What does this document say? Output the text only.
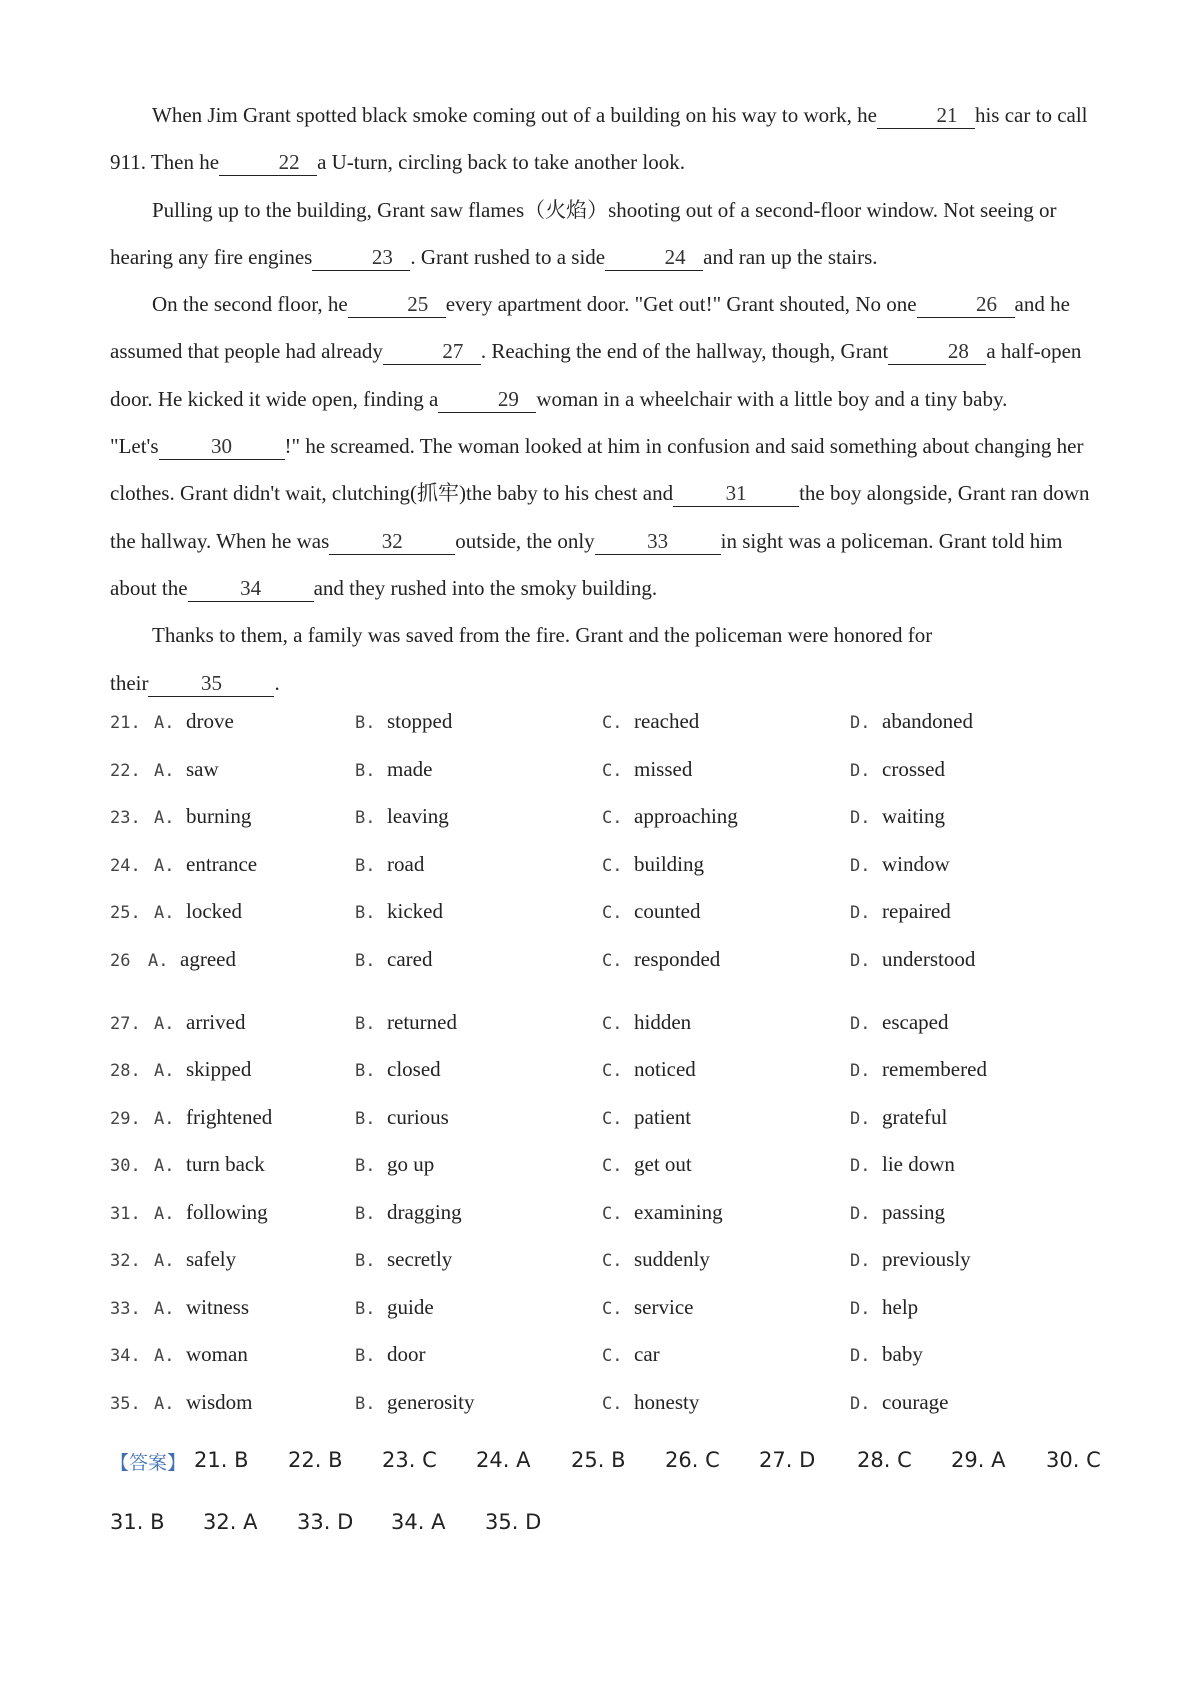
When Jim Grant spotted black smoke coming out of a building on his way to work, he	21 his car to call 911. Then he	22 a U-turn, circling back to take another look.

Pulling up to the building, Grant saw flames（火焰）shooting out of a second-floor window. Not seeing or hearing any fire engines	23 . Grant rushed to a side	24 and ran up the stairs.

On the second floor, he	25 every apartment door. "Get out!" Grant shouted, No one	26 and he assumed that people had already	27 . Reaching the end of the hallway, though, Grant	28 a half-open door. He kicked it wide open, finding a	29 woman in a wheelchair with a little boy and a tiny baby.

"Let's	30	!" he screamed. The woman looked at him in confusion and said something about changing her clothes. Grant didn't wait, clutching(抓牢)the baby to his chest and	31	the boy alongside, Grant ran down the hallway. When he was	32	outside, the only	33	in sight was a policeman. Grant told him about the	34	and they rushed into the smoky building.

Thanks to them, a family was saved from the fire. Grant and the policeman were honored for

their	35	.

21. A. drove	B. stopped	C. reached	D. abandoned
22. A. saw	B. made	C. missed	D. crossed
23. A. burning	B. leaving	C. approaching	D. waiting
24. A. entrance	B. road	C. building	D. window
25. A. locked	B. kicked	C. counted	D. repaired
26 A. agreed	B. cared	C. responded	D. understood
27. A. arrived	B. returned	C. hidden	D. escaped
28. A. skipped	B. closed	C. noticed	D. remembered
29. A. frightened	B. curious	C. patient	D. grateful
30. A. turn back	B. go up	C. get out	D. lie down
31. A. following	B. dragging	C. examining	D. passing
32. A. safely	B. secretly	C. suddenly	D. previously
33. A. witness	B. guide	C. service	D. help
34. A. woman	B. door	C. car	D. baby
35. A. wisdom	B. generosity	C. honesty	D. courage
【答案】 21. B 22. B 23. C 24. A 25. B 26. C 27. D 28. C 29. A 30. C
31. B 32. A 33. D 34. A 35. D
